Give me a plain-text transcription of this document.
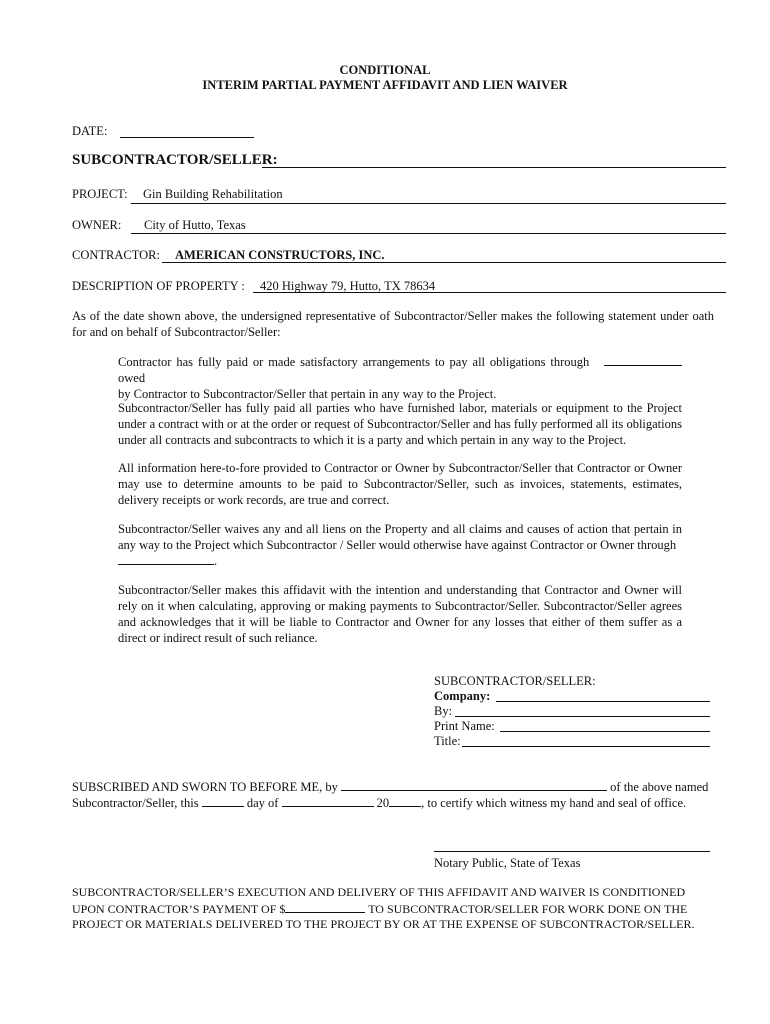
CONDITIONAL
INTERIM PARTIAL PAYMENT AFFIDAVIT AND LIEN WAIVER
DATE:
SUBCONTRACTOR/SELLER:
PROJECT: Gin Building Rehabilitation
OWNER: City of Hutto, Texas
CONTRACTOR: AMERICAN CONSTRUCTORS, INC.
DESCRIPTION OF PROPERTY : 420 Highway 79, Hutto, TX 78634
As of the date shown above, the undersigned representative of Subcontractor/Seller makes the following statement under oath for and on behalf of Subcontractor/Seller:
Contractor has fully paid or made satisfactory arrangements to pay all obligations through   owed
by Contractor to Subcontractor/Seller that pertain in any way to the Project.
Subcontractor/Seller has fully paid all parties who have furnished labor, materials or equipment to the Project under a contract with or at the order or request of Subcontractor/Seller and has fully performed all its obligations under all contracts and subcontracts to which it is a party and which pertain in any way to the Project.
All information here-to-fore provided to Contractor or Owner by Subcontractor/Seller that Contractor or Owner may use to determine amounts to be paid to Subcontractor/Seller, such as invoices, statements, estimates, delivery receipts or work records, are true and correct.
Subcontractor/Seller waives any and all liens on the Property and all claims and causes of action that pertain in any way to the Project which Subcontractor / Seller would otherwise have against Contractor or Owner through
.
Subcontractor/Seller makes this affidavit with the intention and understanding that Contractor and Owner will rely on it when calculating, approving or making payments to Subcontractor/Seller. Subcontractor/Seller agrees and acknowledges that it will be liable to Contractor and Owner for any losses that either of them suffer as a direct or indirect result of such reliance.
SUBCONTRACTOR/SELLER:
Company:
By:
Print Name:
Title:
SUBSCRIBED AND SWORN TO BEFORE ME, by	of the above named
Subcontractor/Seller, this	day of	20	, to certify which witness my hand and seal of office.
Notary Public, State of Texas
SUBCONTRACTOR/SELLER’S EXECUTION AND DELIVERY OF THIS AFFIDAVIT AND WAIVER IS CONDITIONED UPON CONTRACTOR’S PAYMENT OF $	TO SUBCONTRACTOR/SELLER FOR WORK DONE ON THE PROJECT OR MATERIALS DELIVERED TO THE PROJECT BY OR AT THE EXPENSE OF SUBCONTRACTOR/SELLER.
